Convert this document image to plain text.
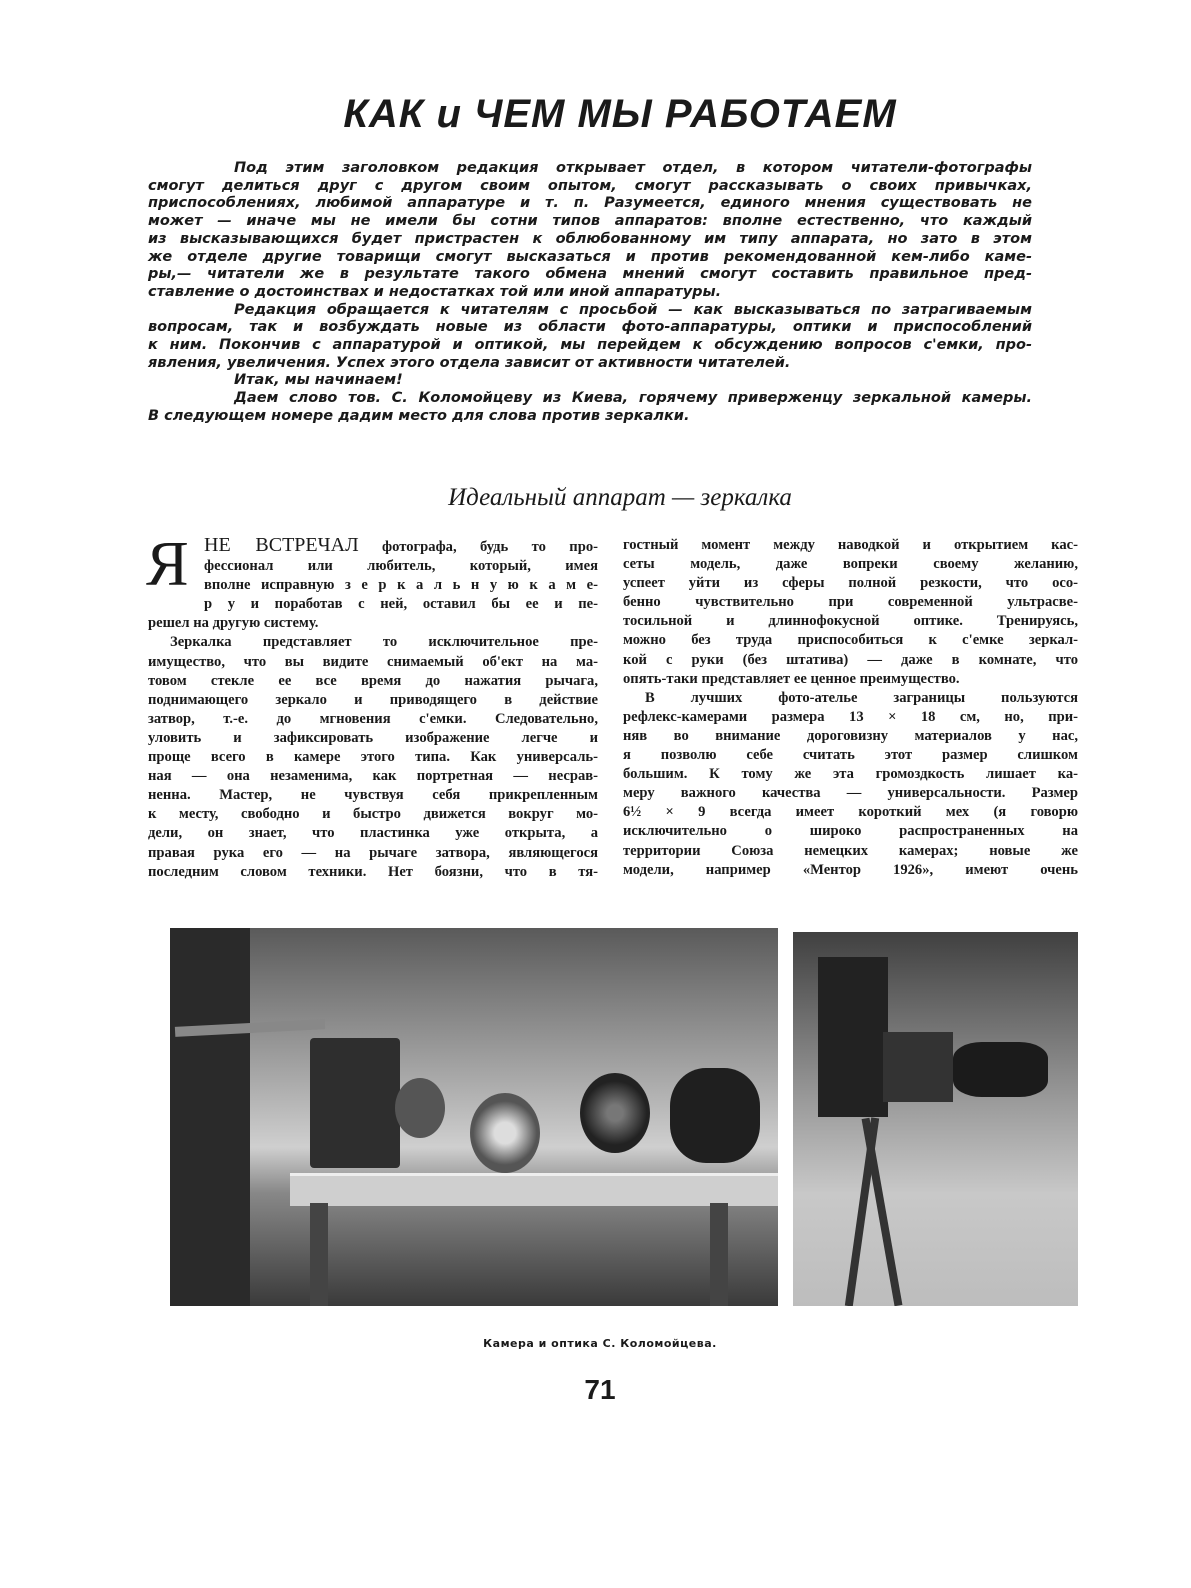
КАК и ЧЕМ МЫ РАБОТАЕМ
Под этим заголовком редакция открывает отдел, в котором читатели-фотографы
смогут делиться друг с другом своим опытом, смогут рассказывать о своих привычках,
приспособлениях, любимой аппаратуре и т. п. Разумеется, единого мнения существовать не
может — иначе мы не имели бы сотни типов аппаратов: вполне естественно, что каждый
из высказывающихся будет пристрастен к облюбованному им типу аппарата, но зато в этом
же отделе другие товарищи смогут высказаться и против рекомендованной кем-либо каме-
ры,— читатели же в результате такого обмена мнений смогут составить правильное пред-
ставление о достоинствах и недостатках той или иной аппаратуры.
Редакция обращается к читателям с просьбой — как высказываться по затрагиваемым
вопросам, так и возбуждать новые из области фото-аппаратуры, оптики и приспособлений
к ним. Покончив с аппаратурой и оптикой, мы перейдем к обсуждению вопросов с'емки, про-
явления, увеличения. Успех этого отдела зависит от активности читателей.
Итак, мы начинаем!
Даем слово тов. С. Коломойцеву из Киева, горячему приверженцу зеркальной камеры.
В следующем номере дадим место для слова против зеркалки.
Идеальный аппарат — зеркалка
Я НЕ ВСТРЕЧАЛ фотографа, будь то про-
фессионал или любитель, который, имея
вполне исправную з е р к а л ь н у ю к а м е-
р у и поработав с ней, оставил бы ее и пе-
решел на другую систему.
Зеркалка представляет то исключительное пре-
имущество, что вы видите снимаемый об'ект на ма-
товом стекле ее все время до нажатия рычага,
поднимающего зеркало и приводящего в действие
затвор, т.-е. до мгновения с'емки. Следовательно,
уловить и зафиксировать изображение легче и
проще всего в камере этого типа. Как универсаль-
ная — она незаменима, как портретная — несрав-
ненна. Мастер, не чувствуя себя прикрепленным
к месту, свободно и быстро движется вокруг мо-
дели, он знает, что пластинка уже открыта, а
правая рука его — на рычаге затвора, являющегося
последним словом техники. Нет боязни, что в тя-
гостный момент между наводкой и открытием кас-
сеты модель, даже вопреки своему желанию,
успеет уйти из сферы полной резкости, что осо-
бенно чувствительно при современной ультрасве-
тосильной и длиннофокусной оптике. Тренируясь,
можно без труда приспособиться к с'емке зеркал-
кой с руки (без штатива) — даже в комнате, что
опять-таки представляет ее ценное преимущество.
В лучших фото-ателье заграницы пользуются
рефлекс-камерами размера 13 × 18 см, но, при-
няв во внимание дороговизну материалов у нас,
я позволю себе считать этот размер слишком
большим. К тому же эта громоздкость лишает ка-
меру важного качества — универсальности. Размер
6½ × 9 всегда имеет короткий мех (я говорю
исключительно о широко распространенных на
территории Союза немецких камерах; новые же
модели, например «Ментор 1926», имеют очень
Камера и оптика С. Коломойцева.
71
